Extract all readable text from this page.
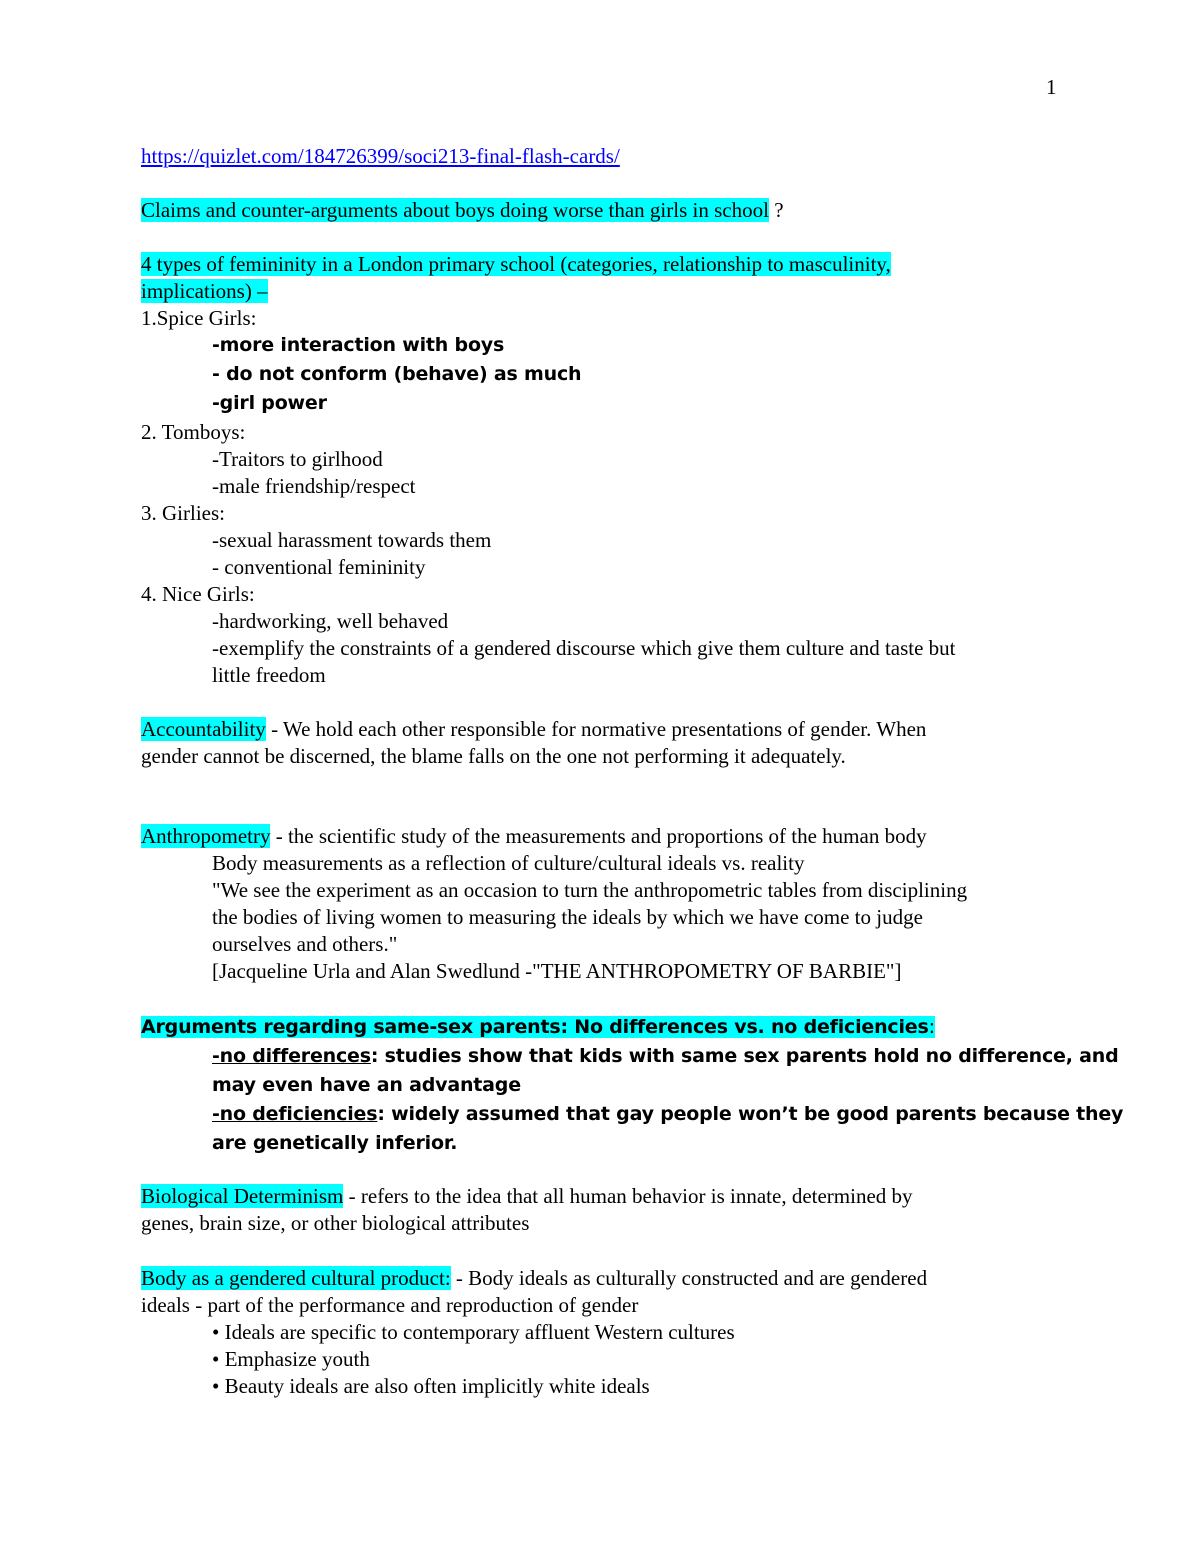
1
https://quizlet.com/184726399/soci213-final-flash-cards/
Claims and counter-arguments about boys doing worse than girls in school ?
4 types of femininity in a London primary school (categories, relationship to masculinity,
implications) –
1.Spice Girls:
-more interaction with boys
- do not conform (behave) as much
-girl power
2. Tomboys:
-Traitors to girlhood
-male friendship/respect
3. Girlies:
-sexual harassment towards them
- conventional femininity
4. Nice Girls:
-hardworking, well behaved
-exemplify the constraints of a gendered discourse which give them culture and taste but
little freedom
Accountability - We hold each other responsible for normative presentations of gender. When
gender cannot be discerned, the blame falls on the one not performing it adequately.
Anthropometry - the scientific study of the measurements and proportions of the human body
Body measurements as a reflection of culture/cultural ideals vs. reality
"We see the experiment as an occasion to turn the anthropometric tables from disciplining
the bodies of living women to measuring the ideals by which we have come to judge
ourselves and others."
[Jacqueline Urla and Alan Swedlund -"THE ANTHROPOMETRY OF BARBIE"]
Arguments regarding same-sex parents: No differences vs. no deficiencies:
-no differences: studies show that kids with same sex parents hold no difference, and
may even have an advantage
-no deficiencies: widely assumed that gay people won’t be good parents because they
are genetically inferior.
Biological Determinism - refers to the idea that all human behavior is innate, determined by
genes, brain size, or other biological attributes
Body as a gendered cultural product: - Body ideals as culturally constructed and are gendered
ideals - part of the performance and reproduction of gender
• Ideals are specific to contemporary affluent Western cultures
• Emphasize youth
• Beauty ideals are also often implicitly white ideals
